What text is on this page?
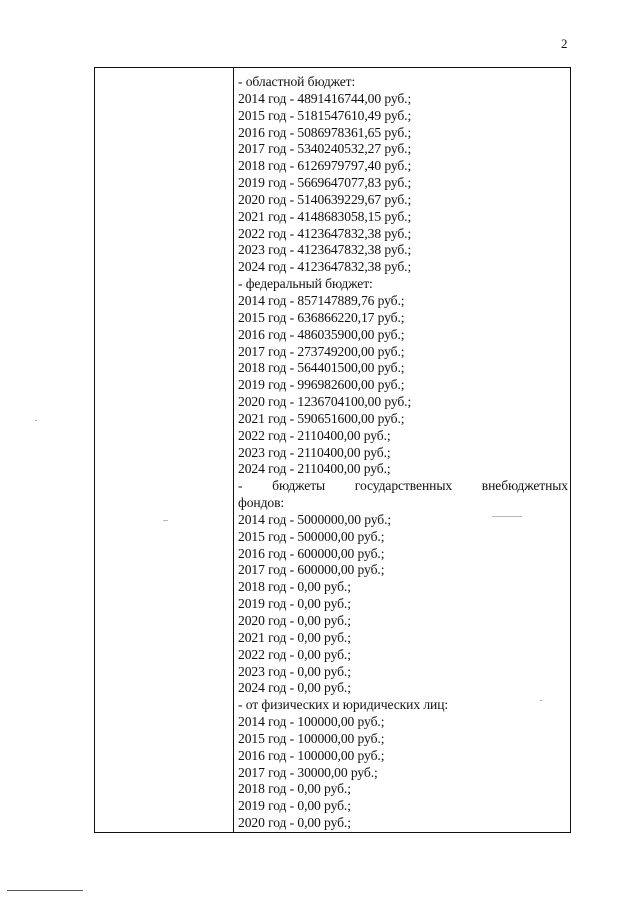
2
- областной бюджет:
2014 год - 4891416744,00 руб.;
2015 год - 5181547610,49 руб.;
2016 год - 5086978361,65 руб.;
2017 год - 5340240532,27 руб.;
2018 год - 6126979797,40 руб.;
2019 год - 5669647077,83 руб.;
2020 год - 5140639229,67 руб.;
2021 год - 4148683058,15 руб.;
2022 год - 4123647832,38 руб.;
2023 год - 4123647832,38 руб.;
2024 год - 4123647832,38 руб.;
- федеральный бюджет:
2014 год - 857147889,76 руб.;
2015 год - 636866220,17 руб.;
2016 год - 486035900,00 руб.;
2017 год - 273749200,00 руб.;
2018 год - 564401500,00 руб.;
2019 год - 996982600,00 руб.;
2020 год - 1236704100,00 руб.;
2021 год - 590651600,00 руб.;
2022 год - 2110400,00 руб.;
2023 год - 2110400,00 руб.;
2024 год - 2110400,00 руб.;
- бюджеты государственных внебюджетных
фондов:
2014 год - 5000000,00 руб.;
2015 год - 500000,00 руб.;
2016 год - 600000,00 руб.;
2017 год - 600000,00 руб.;
2018 год - 0,00 руб.;
2019 год - 0,00 руб.;
2020 год - 0,00 руб.;
2021 год - 0,00 руб.;
2022 год - 0,00 руб.;
2023 год - 0,00 руб.;
2024 год - 0,00 руб.;
- от физических и юридических лиц:
2014 год - 100000,00 руб.;
2015 год - 100000,00 руб.;
2016 год - 100000,00 руб.;
2017 год - 30000,00 руб.;
2018 год - 0,00 руб.;
2019 год - 0,00 руб.;
2020 год - 0,00 руб.;
